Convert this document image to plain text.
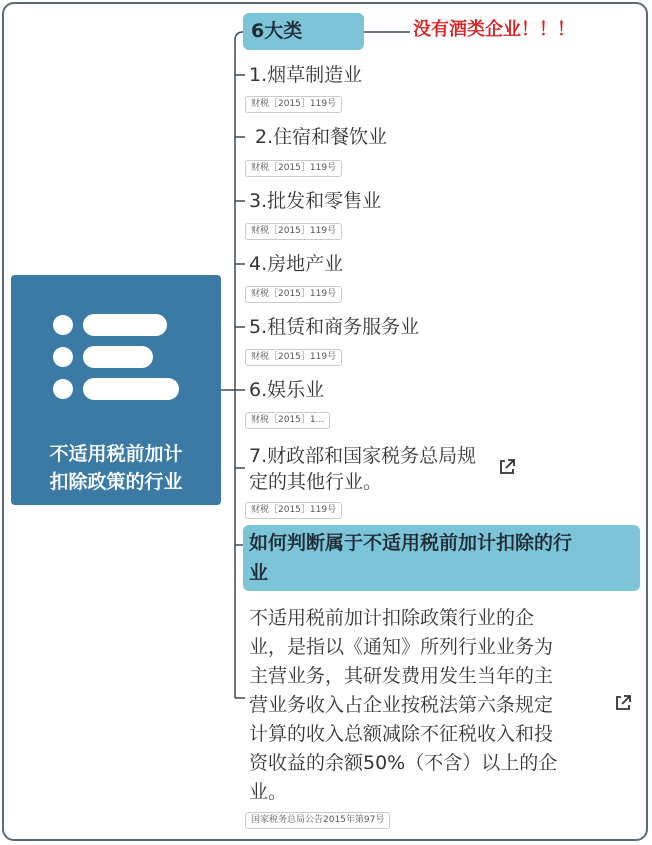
不适用税前加计
扣除政策的行业
6大类	没有酒类企业！！！
1.烟草制造业
财税［2015］119号
2.住宿和餐饮业
财税［2015］119号
3.批发和零售业
财税［2015］119号
4.房地产业
财税［2015］119号
5.租赁和商务服务业
财税［2015］119号
6.娱乐业
财税［2015］1...
7.财政部和国家税务总局规
定的其他行业。
财税［2015］119号
如何判断属于不适用税前加计扣除的行
业
不适用税前加计扣除政策行业的企
业，是指以《通知》所列行业业务为
主营业务，其研发费用发生当年的主
营业务收入占企业按税法第六条规定
计算的收入总额减除不征税收入和投
资收益的余额50%（不含）以上的企
业。
国家税务总局公告2015年第97号
